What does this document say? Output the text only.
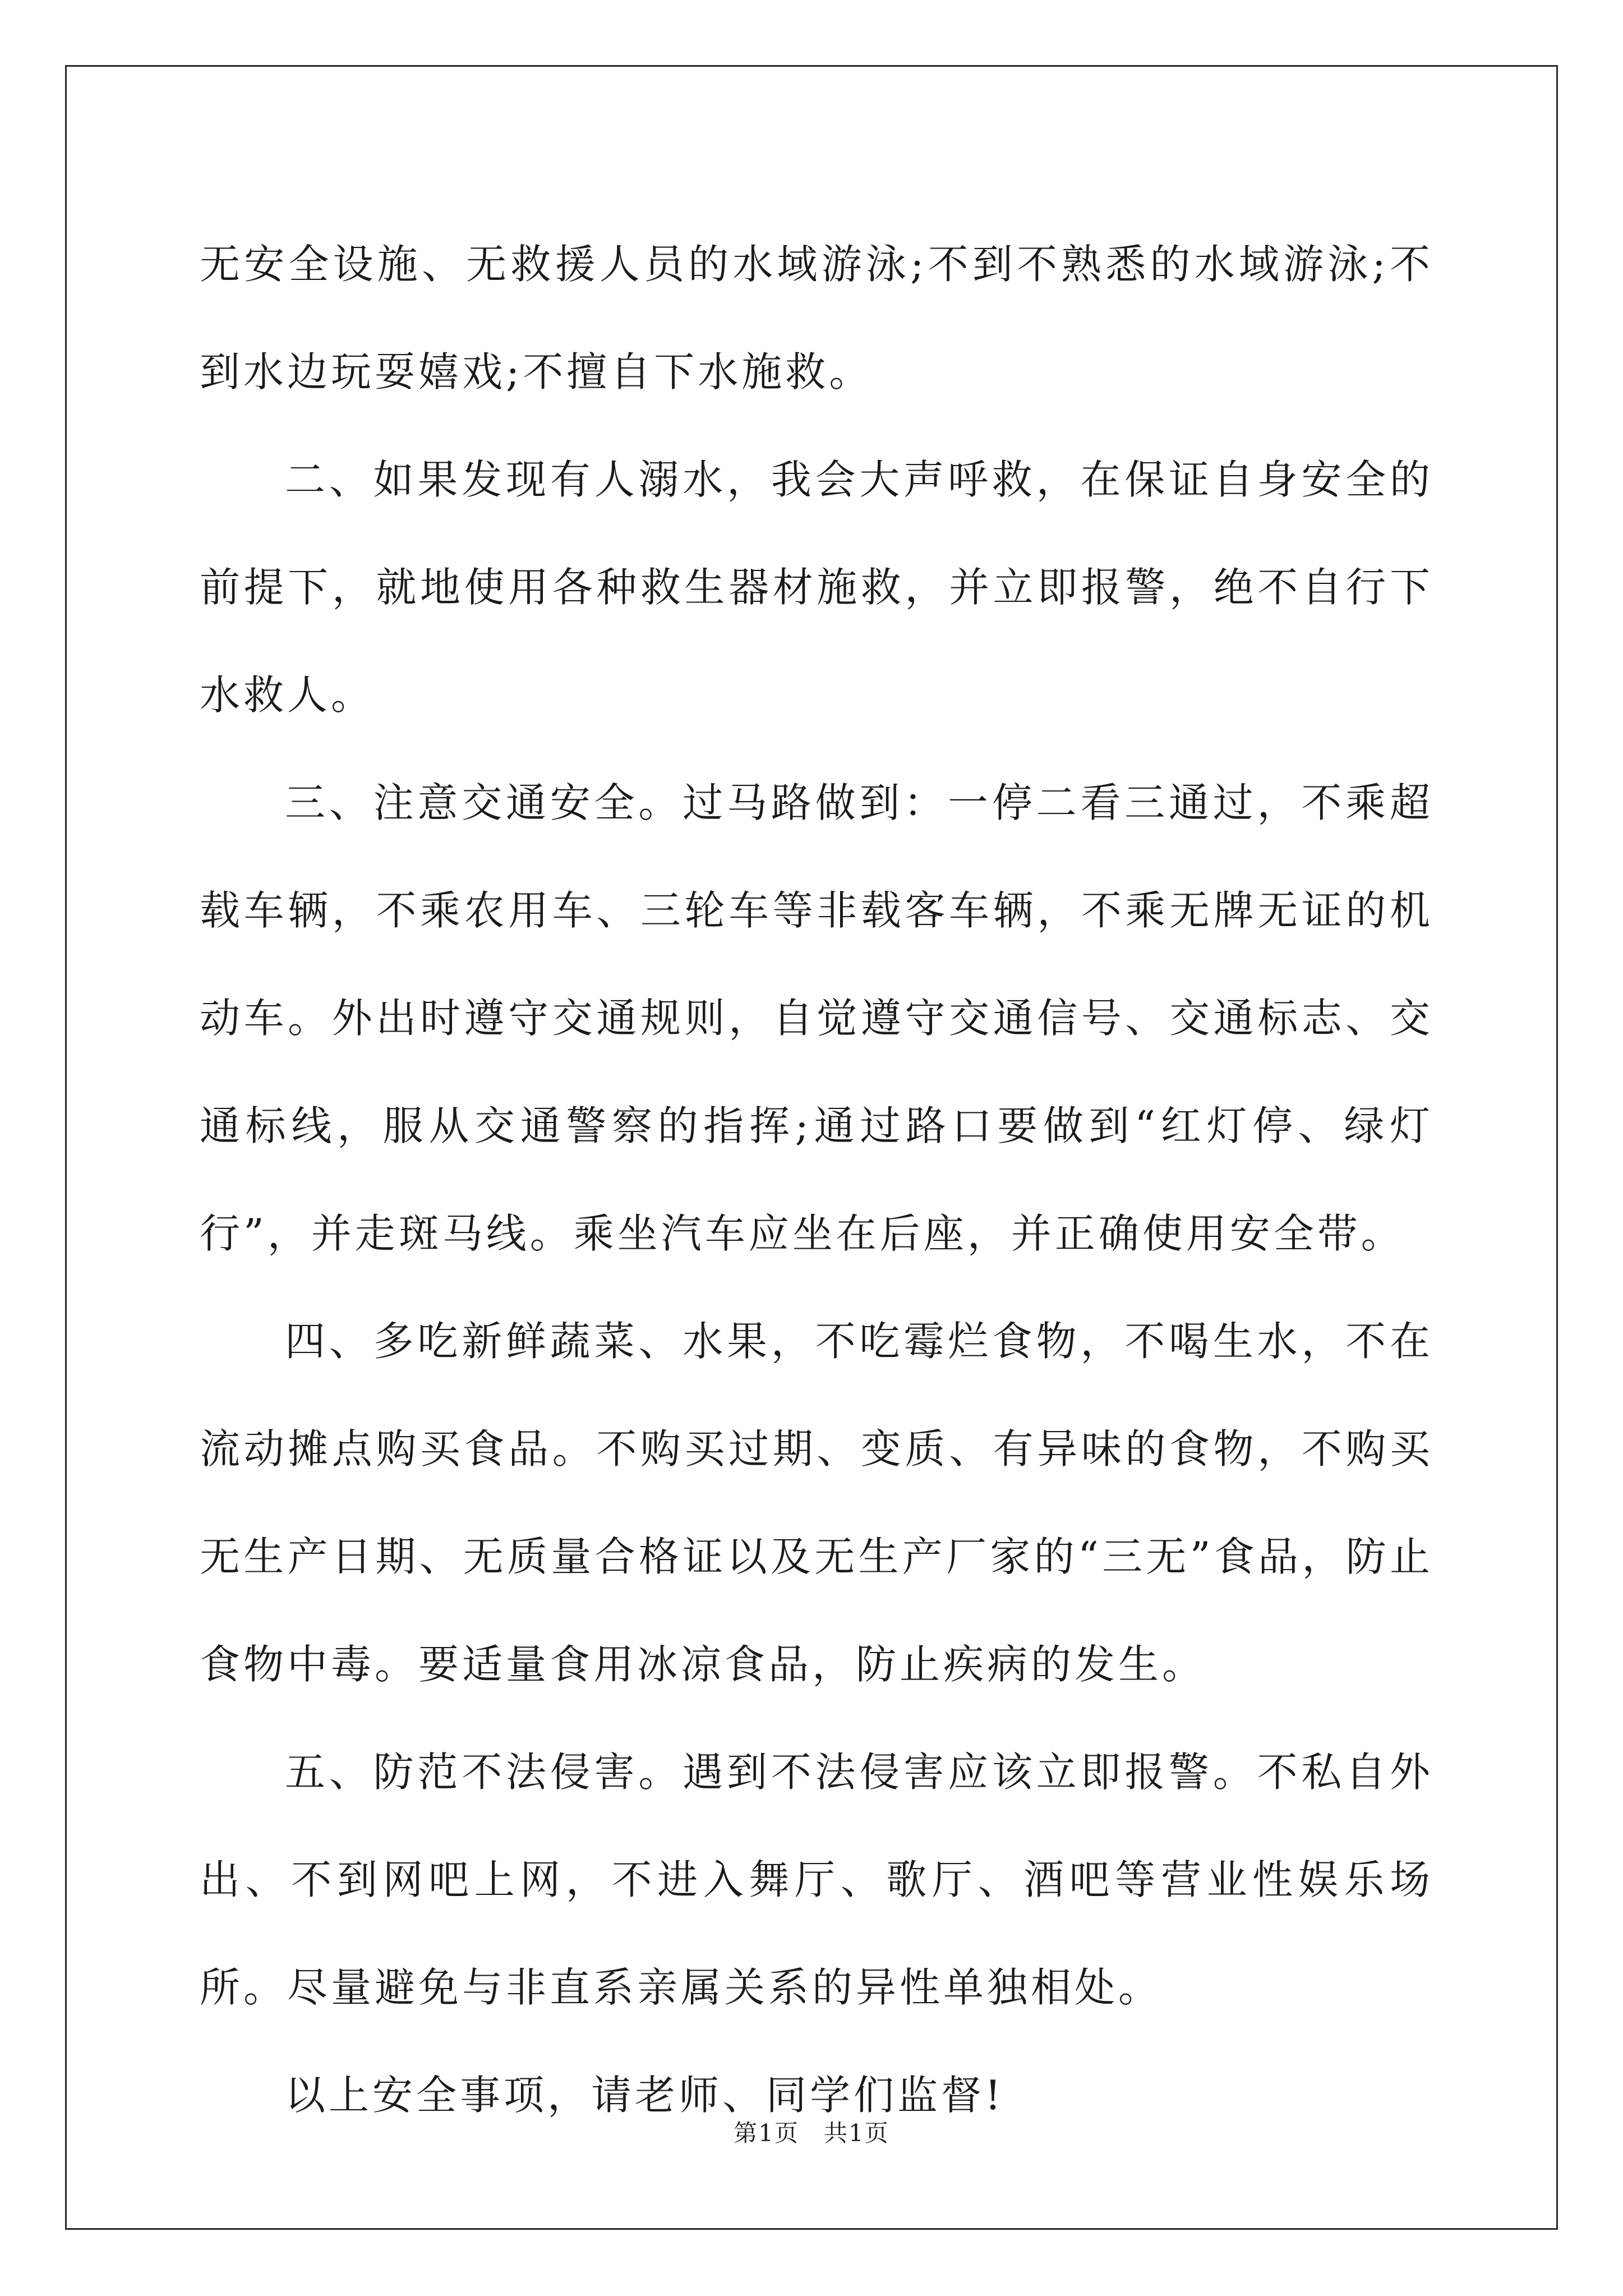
无安全设施、无救援人员的水域游泳;不到不熟悉的水域游泳;不到水边玩耍嬉戏;不擅自下水施救。

二、如果发现有人溺水，我会大声呼救，在保证自身安全的前提下，就地使用各种救生器材施救，并立即报警，绝不自行下水救人。

三、注意交通安全。过马路做到：一停二看三通过，不乘超载车辆，不乘农用车、三轮车等非载客车辆，不乘无牌无证的机动车。外出时遵守交通规则，自觉遵守交通信号、交通标志、交通标线，服从交通警察的指挥;通过路口要做到“红灯停、绿灯行”，并走斑马线。乘坐汽车应坐在后座，并正确使用安全带。

四、多吃新鲜蔬菜、水果，不吃霉烂食物，不喝生水，不在流动摊点购买食品。不购买过期、变质、有异味的食物，不购买无生产日期、无质量合格证以及无生产厂家的“三无”食品，防止食物中毒。要适量食用冰凉食品，防止疾病的发生。

五、防范不法侵害。遇到不法侵害应该立即报警。不私自外出、不到网吧上网，不进入舞厅、歌厅、酒吧等营业性娱乐场所。尽量避免与非直系亲属关系的异性单独相处。

以上安全事项，请老师、同学们监督!

第1页　共1页
